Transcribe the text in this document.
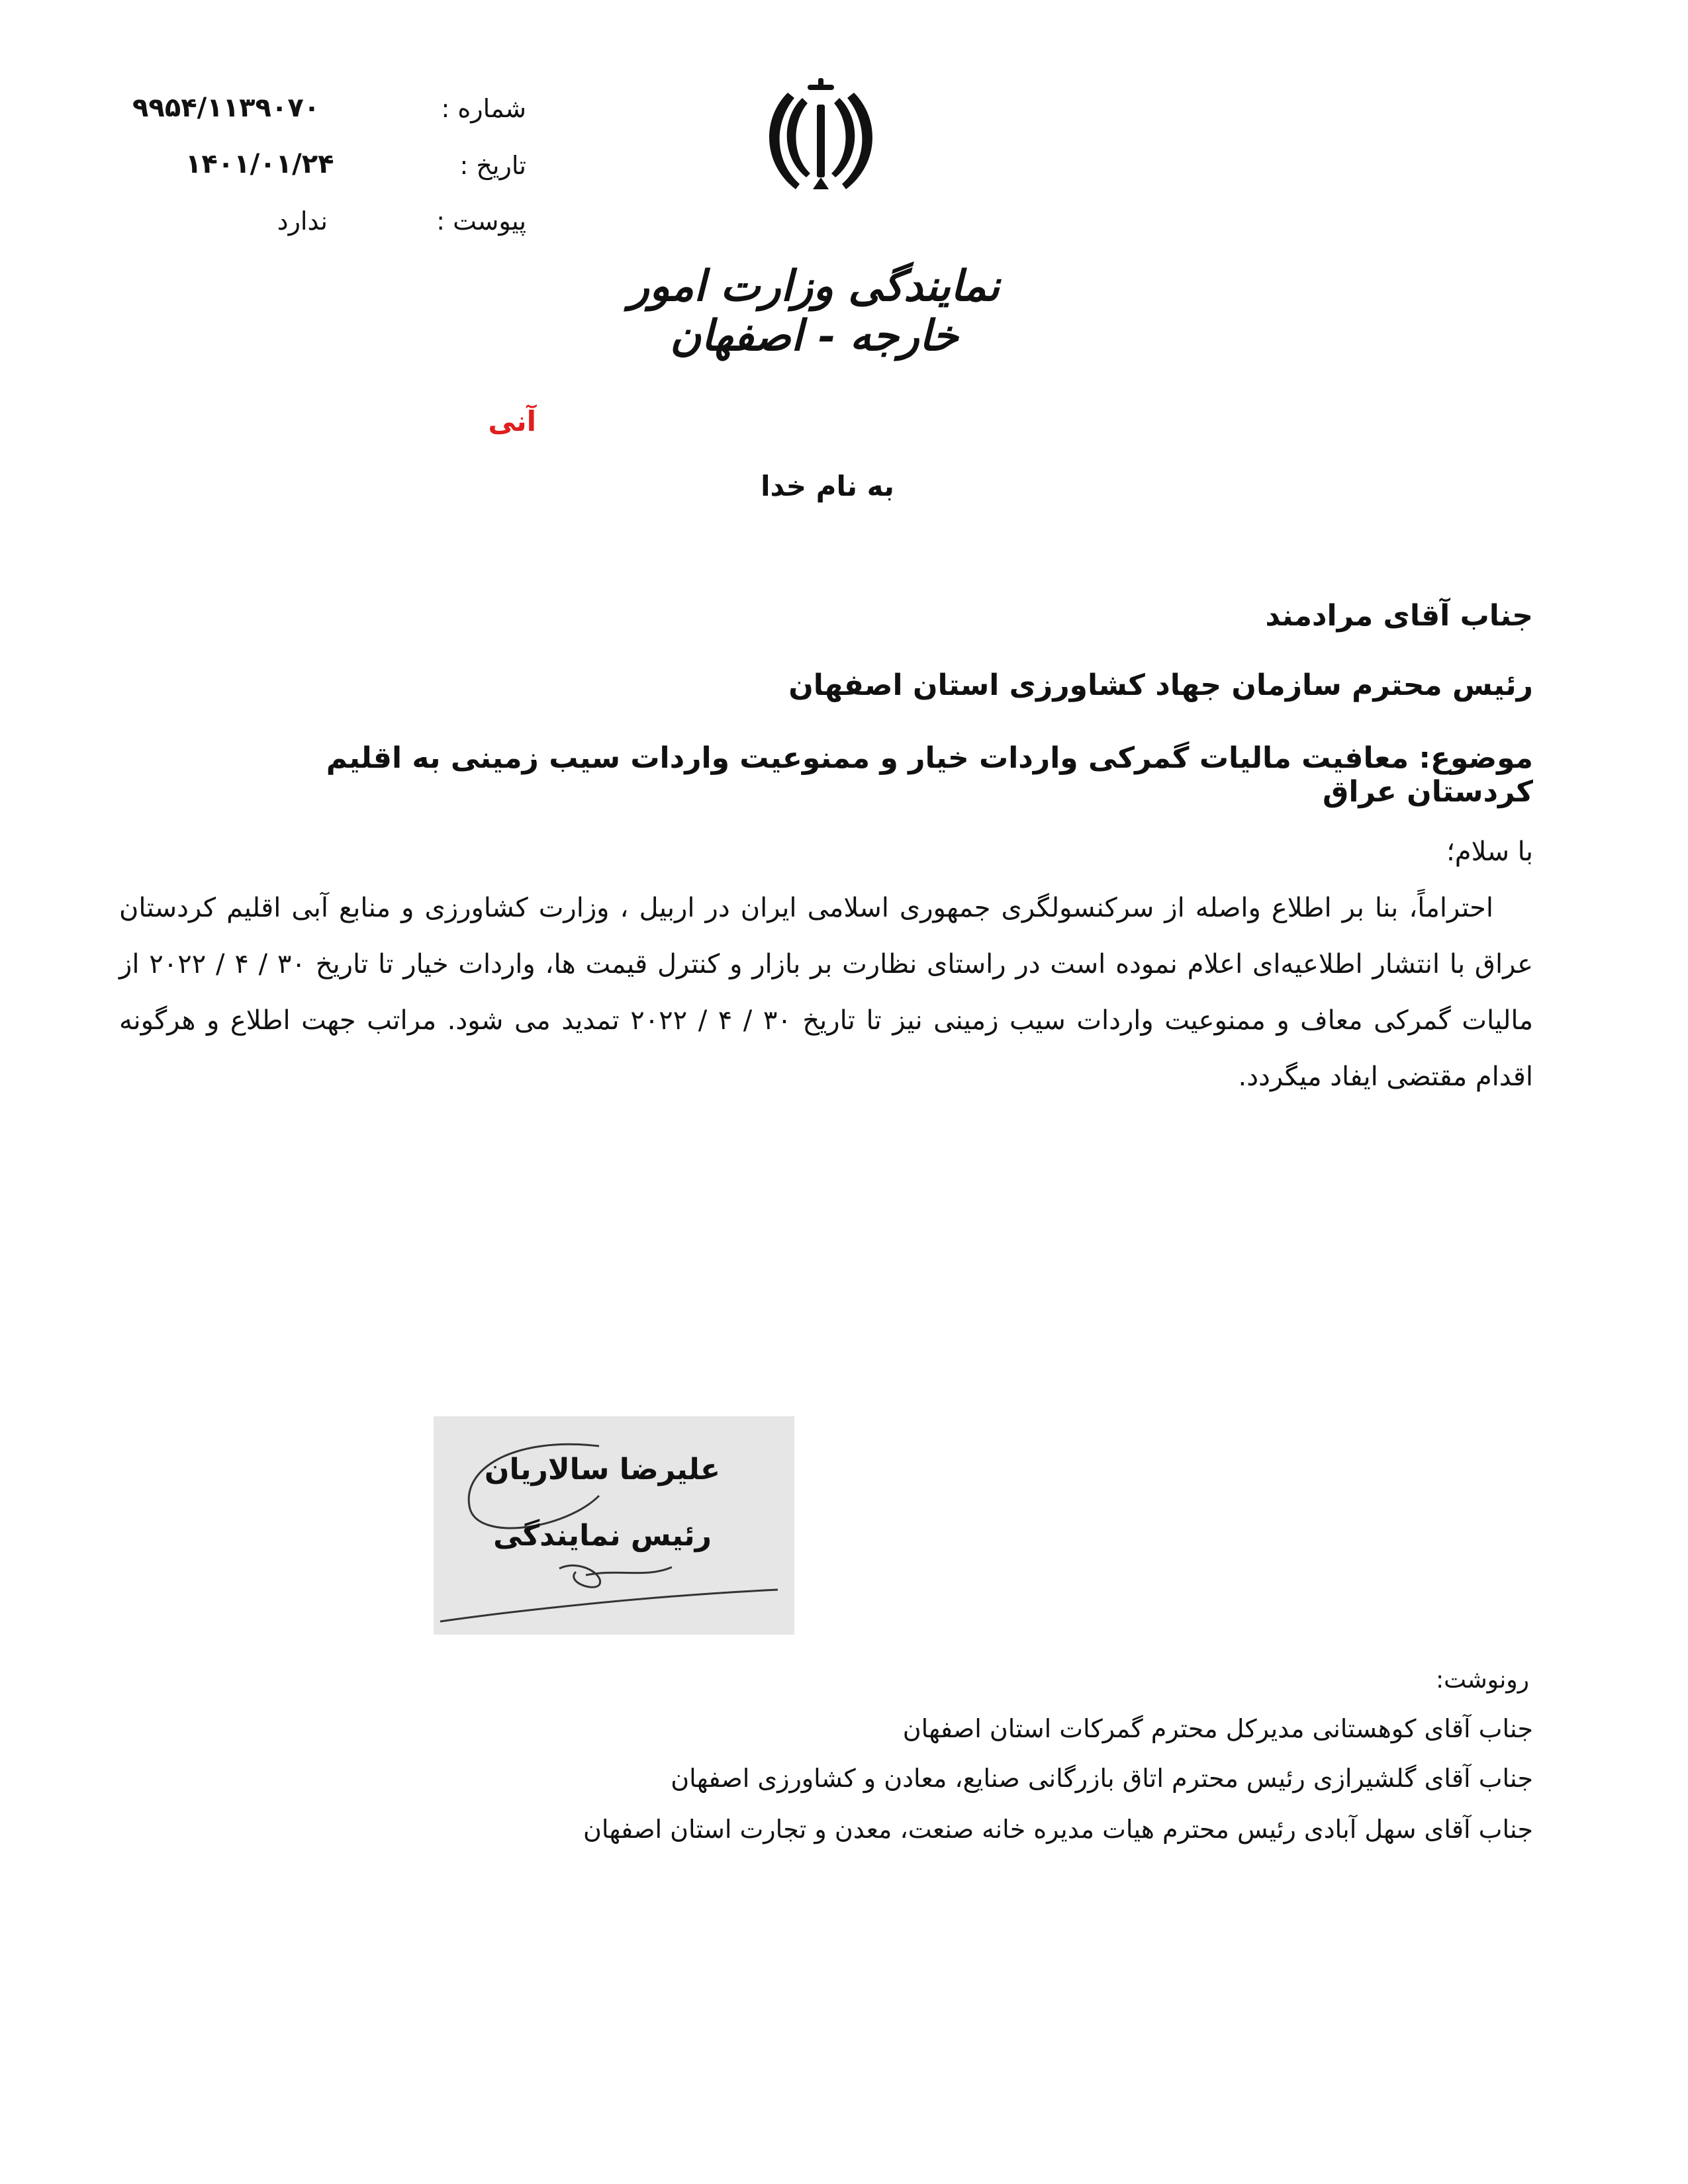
شماره :
۹۹۵۴/۱۱۳۹۰۷۰
تاریخ :
۱۴۰۱/۰۱/۲۴
پیوست :
ندارد
نمایندگی وزارت امور خارجه - اصفهان
آنی
به نام خدا
جناب آقای مرادمند
رئیس محترم سازمان جهاد کشاورزی استان اصفهان
موضوع: معافیت مالیات گمرکی واردات خیار و ممنوعیت واردات سیب زمینی به اقلیم کردستان عراق

با سلام؛

احتراماً، بنا بر اطلاع واصله از سرکنسولگری جمهوری اسلامی ایران در اربیل ، وزارت کشاورزی و منابع آبی اقلیم کردستان عراق با انتشار اطلاعیه‌ای اعلام نموده است در راستای نظارت بر بازار و کنترل قیمت ها، واردات خیار تا تاریخ ۳۰ / ۴ / ۲۰۲۲ از مالیات گمرکی معاف و ممنوعیت واردات سیب زمینی نیز تا تاریخ ۳۰ / ۴ / ۲۰۲۲ تمدید می شود. مراتب جهت اطلاع و هرگونه اقدام مقتضی ایفاد میگردد.

علیرضا سالاریان
رئیس نمایندگی
رونوشت:
جناب آقای کوهستانی مدیرکل محترم گمرکات استان اصفهان
جناب آقای گلشیرازی رئیس محترم اتاق بازرگانی صنایع، معادن و کشاورزی اصفهان
جناب آقای سهل آبادی رئیس محترم هیات مدیره خانه صنعت، معدن و تجارت استان اصفهان
